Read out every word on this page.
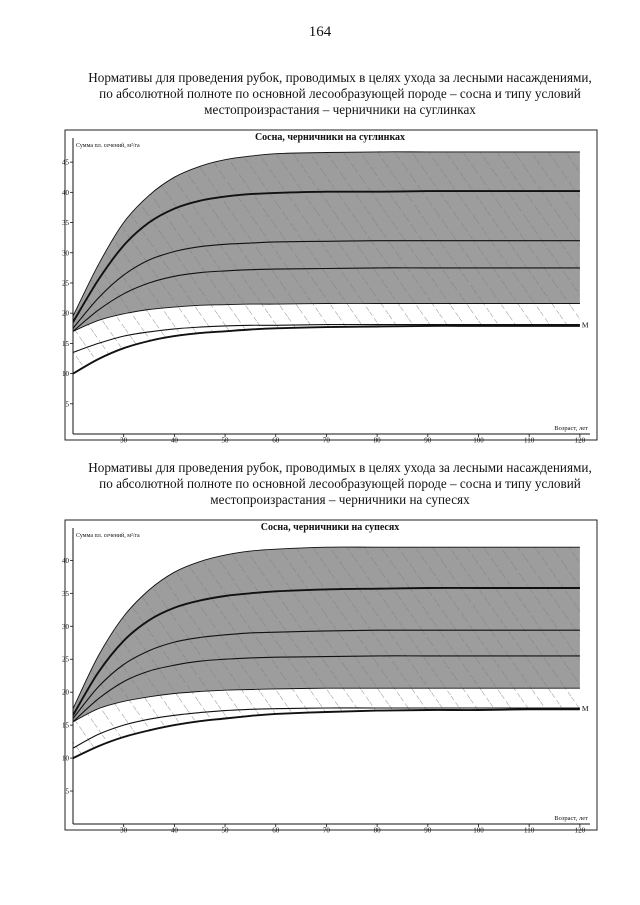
164
Нормативы для проведения рубок, проводимых в целях ухода за лесными насаждениями,
по абсолютной полноте по основной лесообразующей породе – сосна и типу условий
местопроизрастания – черничники на суглинках
5
10
15
20
25
30
35
40
45
30	40	50	60	70	80	90	100	110	120
Сосна, черничники на суглинках
Сумма пл. сечений, м²/га
Возраст, лет
М
Нормативы для проведения рубок, проводимых в целях ухода за лесными насаждениями,
по абсолютной полноте по основной лесообразующей породе – сосна и типу условий
местопроизрастания – черничники на супесях
5
10
15
20
25
30
35
40
30	40	50	60	70	80	90	100	110	120
Сосна, черничники на супесях
Сумма пл. сечений, м²/га
Возраст, лет
М
